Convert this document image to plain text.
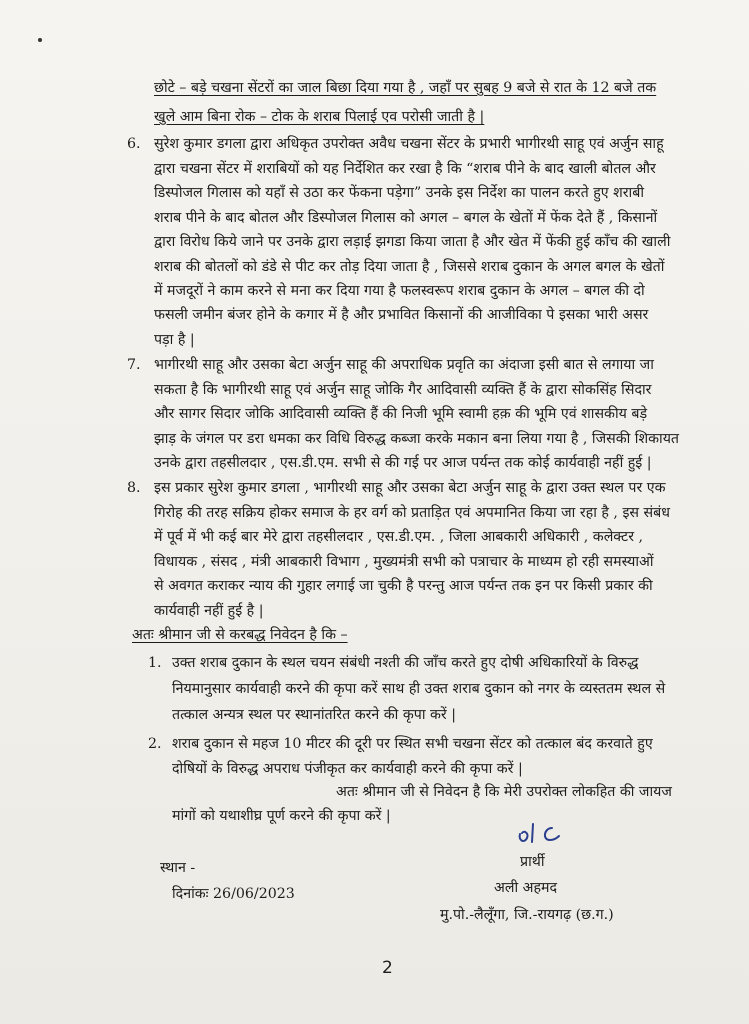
छोटे – बड़े चखना सेंटरों का जाल बिछा दिया गया है , जहाँ पर सुबह 9 बजे से रात के 12 बजे तक
खुले आम बिना रोक – टोक के शराब पिलाई एव परोसी जाती है |
6. सुरेश कुमार डगला द्वारा अधिकृत उपरोक्त अवैध चखना सेंटर के प्रभारी भागीरथी साहू एवं अर्जुन साहू
द्वारा चखना सेंटर में शराबियों को यह निर्देशित कर रखा है कि “शराब पीने के बाद खाली बोतल और
डिस्पोजल गिलास को यहाँ से उठा कर फेंकना पड़ेगा” उनके इस निर्देश का पालन करते हुए शराबी
शराब पीने के बाद बोतल और डिस्पोजल गिलास को अगल – बगल के खेतों में फेंक देते हैं , किसानों
द्वारा विरोध किये जाने पर उनके द्वारा लड़ाई झगडा किया जाता है और खेत में फेंकी हुई काँच की खाली
शराब की बोतलों को डंडे से पीट कर तोड़ दिया जाता है , जिससे शराब दुकान के अगल बगल के खेतों
में मजदूरों ने काम करने से मना कर दिया गया है फलस्वरूप शराब दुकान के अगल – बगल की दो
फसली जमीन बंजर होने के कगार में है और प्रभावित किसानों की आजीविका पे इसका भारी असर
पड़ा है |
7. भागीरथी साहू और उसका बेटा अर्जुन साहू की अपराधिक प्रवृति का अंदाजा इसी बात से लगाया जा
सकता है कि भागीरथी साहू एवं अर्जुन साहू जोकि गैर आदिवासी व्यक्ति हैं के द्वारा सोकसिंह सिदार
और सागर सिदार जोकि आदिवासी व्यक्ति हैं की निजी भूमि स्वामी हक़ की भूमि एवं शासकीय बड़े
झाड़ के जंगल पर डरा धमका कर विधि विरुद्ध कब्जा करके मकान बना लिया गया है , जिसकी शिकायत
उनके द्वारा तहसीलदार , एस.डी.एम. सभी से की गई पर आज पर्यन्त तक कोई कार्यवाही नहीं हुई |
8. इस प्रकार सुरेश कुमार डगला , भागीरथी साहू और उसका बेटा अर्जुन साहू के द्वारा उक्त स्थल पर एक
गिरोह की तरह सक्रिय होकर समाज के हर वर्ग को प्रताड़ित एवं अपमानित किया जा रहा है , इस संबंध
में पूर्व में भी कई बार मेरे द्वारा तहसीलदार , एस.डी.एम. , जिला आबकारी अधिकारी , कलेक्टर ,
विधायक , संसद , मंत्री आबकारी विभाग , मुख्यमंत्री सभी को पत्राचार के माध्यम हो रही समस्याओं
से अवगत कराकर न्याय की गुहार लगाई जा चुकी है परन्तु आज पर्यन्त तक इन पर किसी प्रकार की
कार्यवाही नहीं हुई है |
अतः श्रीमान जी से करबद्ध निवेदन है कि –
1. उक्त शराब दुकान के स्थल चयन संबंधी नश्ती की जाँच करते हुए दोषी अधिकारियों के विरुद्ध
नियमानुसार कार्यवाही करने की कृपा करें साथ ही उक्त शराब दुकान को नगर के व्यस्ततम स्थल से
तत्काल अन्यत्र स्थल पर स्थानांतरित करने की कृपा करें |
2. शराब दुकान से महज 10 मीटर की दूरी पर स्थित सभी चखना सेंटर को तत्काल बंद करवाते हुए
दोषियों के विरुद्ध अपराध पंजीकृत कर कार्यवाही करने की कृपा करें |
अतः श्रीमान जी से निवेदन है कि मेरी उपरोक्त लोकहित की जायज
मांगों को यथाशीघ्र पूर्ण करने की कृपा करें |
प्रार्थी
स्थान -
अली अहमद
दिनांकः 26/06/2023
मु.पो.-लैलूँगा, जि.-रायगढ़ (छ.ग.)
2
